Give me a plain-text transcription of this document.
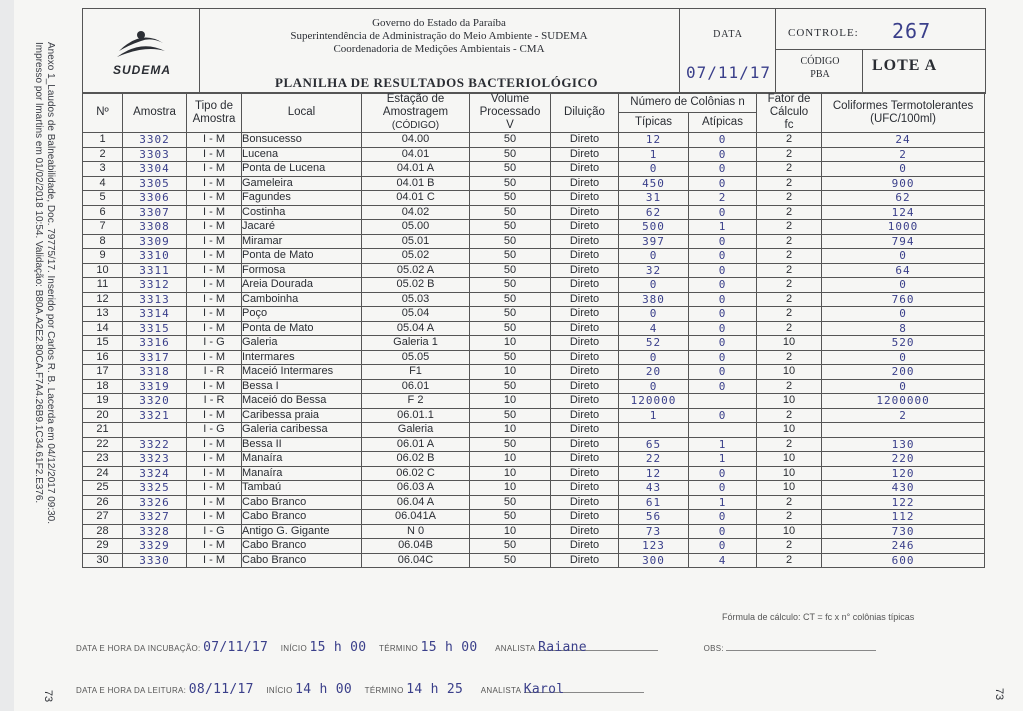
Anexo 1_Laudos de Balneabilidade, Doc. 79775/17. Inserido por Carlos R. B. Lacerda em 04/12/2017 09:30.
Impresso por lmartins em 01/02/2018 10:54. Validação: B80A.A2E2.80CA.F7A4.26B9.1C34.61F2.E376.
73	73
SUDEMA
Governo do Estado da Paraíba
Superintendência de Administração do Meio Ambiente - SUDEMA
Coordenadoria de Medições Ambientais - CMA
PLANILHA DE RESULTADOS BACTERIOLÓGICO
DATA
07/11/17
CONTROLE: 267
CÓDIGO
PBA
LOTE A
Nº	Amostra	Tipo de Amostra	Local	Estação de Amostragem
(CÓDIGO)	Volume Processado
V	Diluição	Número de Colônias n		Fator de Cálculo
fc	Coliformes Termotolerantes
(UFC/100ml)
							Típicas	Atípicas		
1	3302	I - M	Bonsucesso	04.00	50	Direto	12	0	2	24
2	3303	I - M	Lucena	04.01	50	Direto	1	0	2	2
3	3304	I - M	Ponta de Lucena	04.01 A	50	Direto	0	0	2	0
4	3305	I - M	Gameleira	04.01 B	50	Direto	450	0	2	900
5	3306	I - M	Fagundes	04.01 C	50	Direto	31	2	2	62
6	3307	I - M	Costinha	04.02	50	Direto	62	0	2	124
7	3308	I - M	Jacaré	05.00	50	Direto	500	1	2	1000
8	3309	I - M	Miramar	05.01	50	Direto	397	0	2	794
9	3310	I - M	Ponta de Mato	05.02	50	Direto	0	0	2	0
10	3311	I - M	Formosa	05.02 A	50	Direto	32	0	2	64
11	3312	I - M	Areia Dourada	05.02 B	50	Direto	0	0	2	0
12	3313	I - M	Camboinha	05.03	50	Direto	380	0	2	760
13	3314	I - M	Poço	05.04	50	Direto	0	0	2	0
14	3315	I - M	Ponta de Mato	05.04 A	50	Direto	4	0	2	8
15	3316	I - G	Galeria	Galeria 1	10	Direto	52	0	10	520
16	3317	I - M	Intermares	05.05	50	Direto	0	0	2	0
17	3318	I - R	Maceió Intermares	F1	10	Direto	20	0	10	200
18	3319	I - M	Bessa I	06.01	50	Direto	0	0	2	0
19	3320	I - R	Maceió do Bessa	F 2	10	Direto	120000		10	1200000
20	3321	I - M	Caribessa praia	06.01.1	50	Direto	1	0	2	2
21		I - G	Galeria caribessa	Galeria	10	Direto			10	
22	3322	I - M	Bessa II	06.01 A	50	Direto	65	1	2	130
23	3323	I - M	Manaíra	06.02 B	10	Direto	22	1	10	220
24	3324	I - M	Manaíra	06.02 C	10	Direto	12	0	10	120
25	3325	I - M	Tambaú	06.03 A	10	Direto	43	0	10	430
26	3326	I - M	Cabo Branco	06.04 A	50	Direto	61	1	2	122
27	3327	I - M	Cabo Branco	06.041A	50	Direto	56	0	2	112
28	3328	I - G	Antigo G. Gigante	N 0	10	Direto	73	0	10	730
29	3329	I - M	Cabo Branco	06.04B	50	Direto	123	0	2	246
30	3330	I - M	Cabo Branco	06.04C	50	Direto	300	4	2	600
Fórmula de cálculo: CT = fc x n° colônias típicas
DATA E HORA DA INCUBAÇÃO: 07/11/17 INÍCIO 15 h 00 TÉRMINO 15 h 00 ANALISTA Raiane	OBS:
DATA E HORA DA LEITURA: 08/11/17 INÍCIO 14 h 00 TÉRMINO 14 h 25 ANALISTA Karol
